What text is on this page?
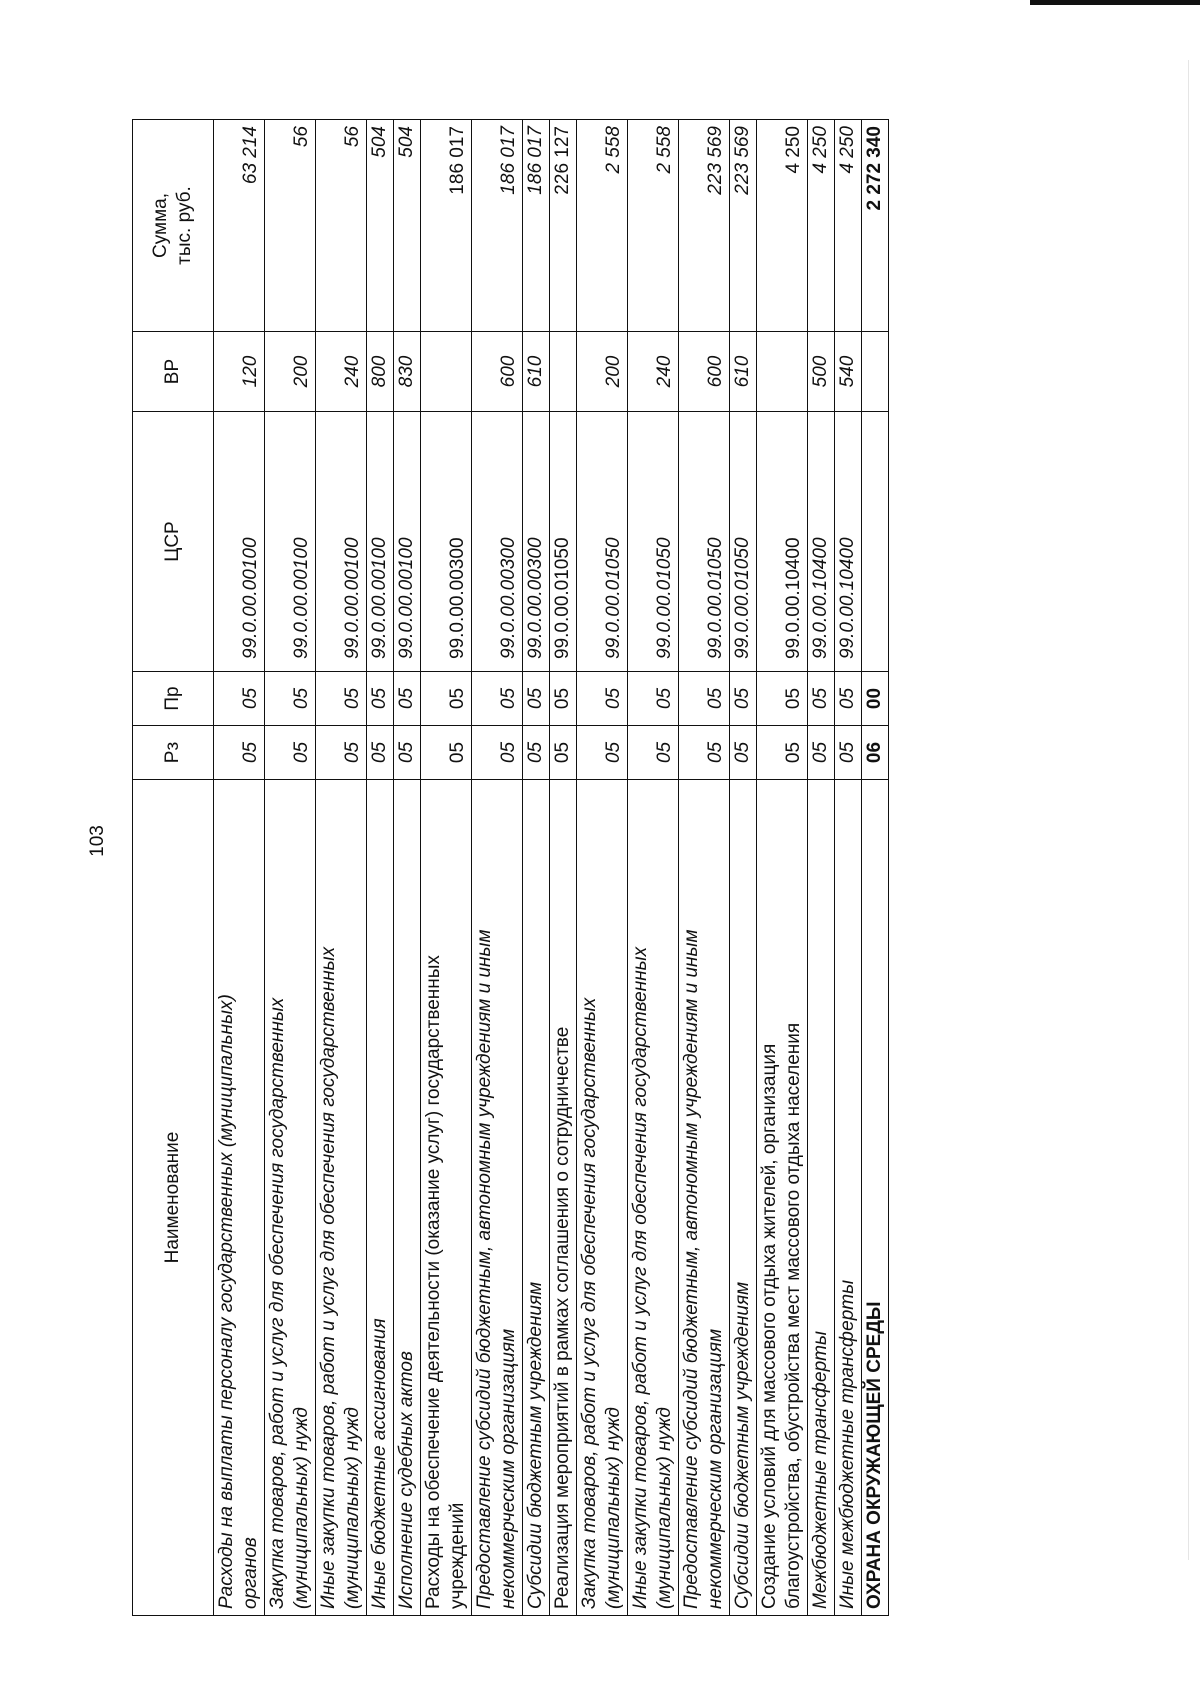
103
Наименование	Рз	Пр	ЦСР	ВР	Сумма, тыс. руб.
Расходы на выплаты персоналу государственных (муниципальных) органов	05	05	99.0.00.00100	120	63 214
Закупка товаров, работ и услуг для обеспечения государственных (муниципальных) нужд	05	05	99.0.00.00100	200	56
Иные закупки товаров, работ и услуг для обеспечения государственных (муниципальных) нужд	05	05	99.0.00.00100	240	56
Иные бюджетные ассигнования	05	05	99.0.00.00100	800	504
Исполнение судебных актов	05	05	99.0.00.00100	830	504
Расходы на обеспечение деятельности (оказание услуг) государственных учреждений	05	05	99.0.00.00300		186 017
Предоставление субсидий бюджетным, автономным учреждениям и иным некоммерческим организациям	05	05	99.0.00.00300	600	186 017
Субсидии бюджетным учреждениям	05	05	99.0.00.00300	610	186 017
Реализация мероприятий в рамках соглашения о сотрудничестве	05	05	99.0.00.01050		226 127
Закупка товаров, работ и услуг для обеспечения государственных (муниципальных) нужд	05	05	99.0.00.01050	200	2 558
Иные закупки товаров, работ и услуг для обеспечения государственных (муниципальных) нужд	05	05	99.0.00.01050	240	2 558
Предоставление субсидий бюджетным, автономным учреждениям и иным некоммерческим организациям	05	05	99.0.00.01050	600	223 569
Субсидии бюджетным учреждениям	05	05	99.0.00.01050	610	223 569
Создание условий для массового отдыха жителей, организация благоустройства, обустройства мест массового отдыха населения	05	05	99.0.00.10400		4 250
Межбюджетные трансферты	05	05	99.0.00.10400	500	4 250
Иные межбюджетные трансферты	05	05	99.0.00.10400	540	4 250
ОХРАНА ОКРУЖАЮЩЕЙ СРЕДЫ	06	00			2 272 340
